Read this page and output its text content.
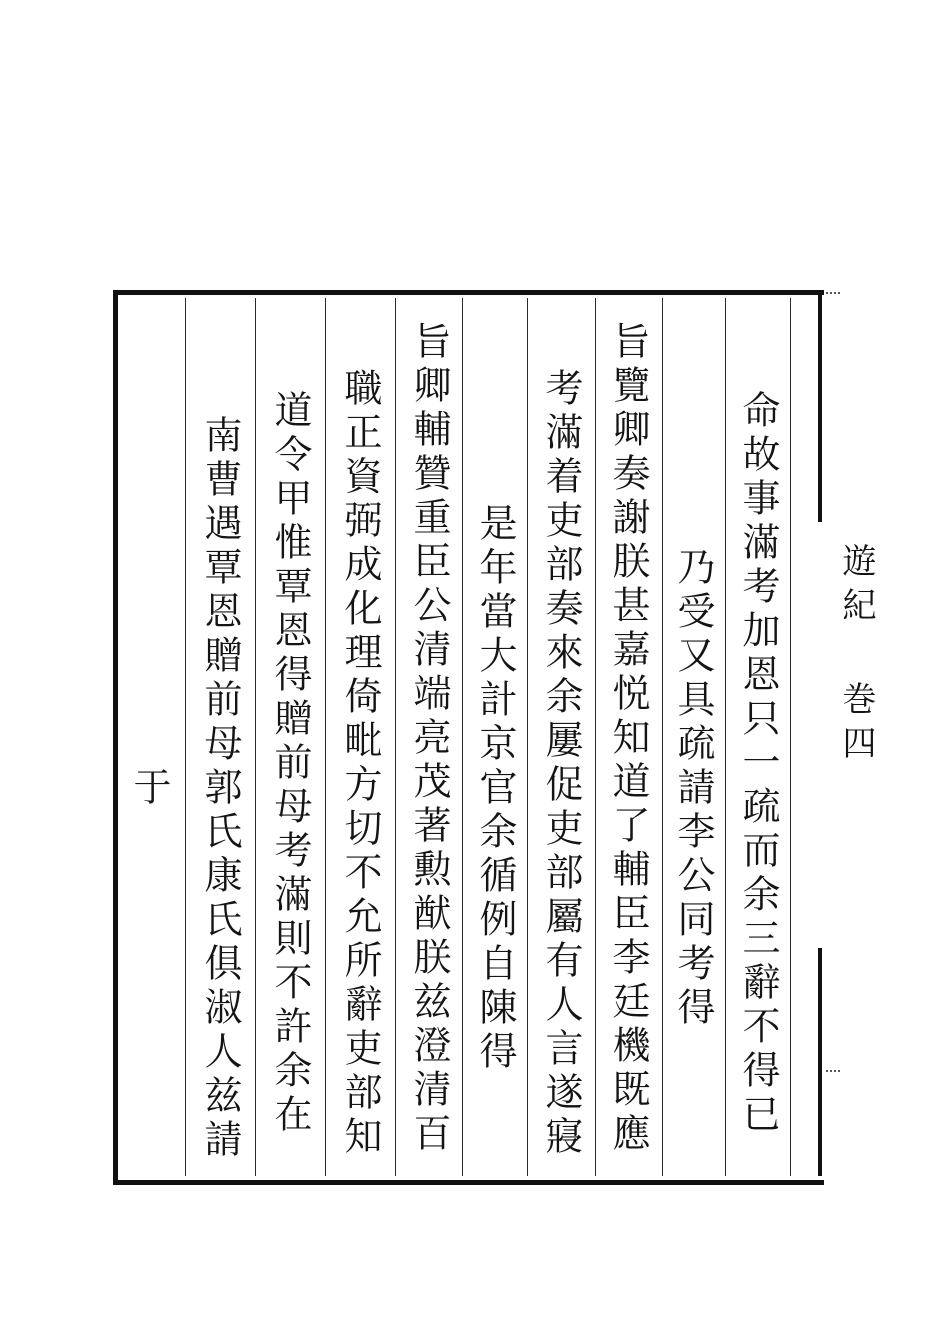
遊紀 巻四
命故事滿考加恩只一疏而余三辭不得已
乃受又具疏請李公同考得
旨覽卿奏謝朕甚嘉悦知道了輔臣李廷機既應
考滿着吏部奏來余屢促吏部屬有人言遂寢
是年當大計京官余循例自陳得
旨卿輔贊重臣公清端亮茂著勲猷朕兹澄清百
職正資弼成化理倚毗方切不允所辭吏部知
道令甲惟覃恩得贈前母考滿則不許余在
南曹遇覃恩贈前母郭氏康氏俱淑人兹請
于
